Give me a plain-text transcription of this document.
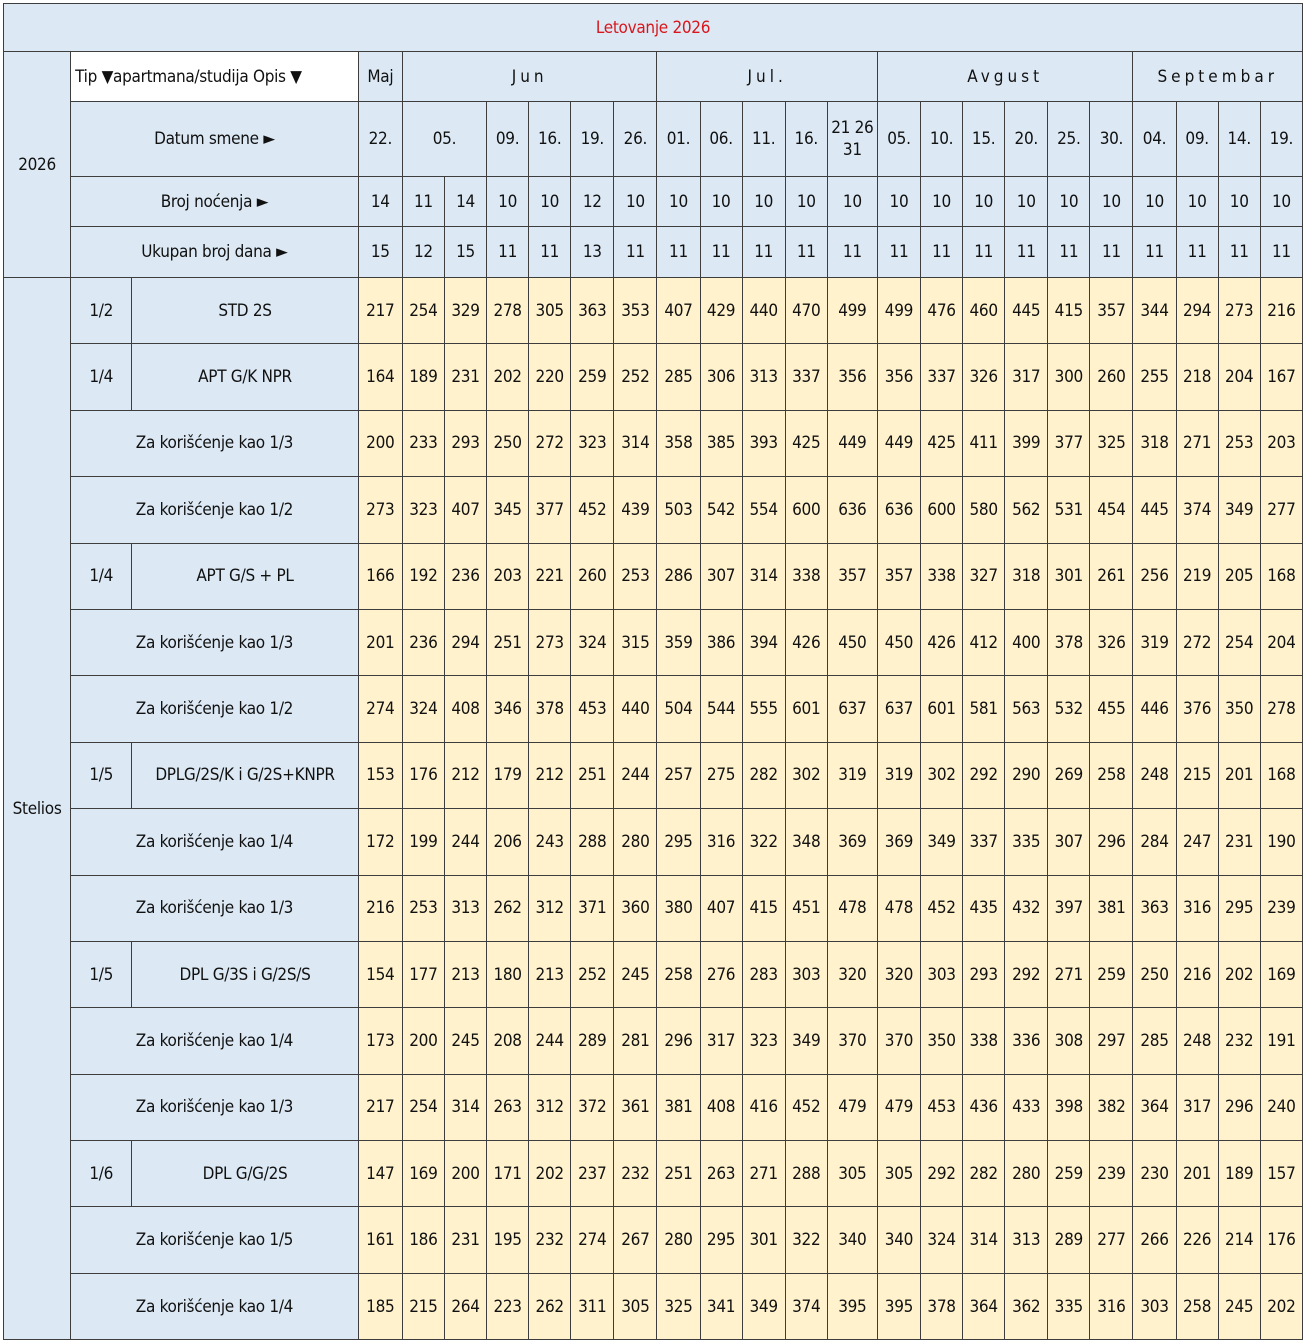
Letovanje 2026																								
2026	Tip ▼apartmana/studija Opis ▼		Maj	Jun						Jul.					Avgust						Septembar			
	Datum smene ►		22.	05.		09.	16.	19.	26.	01.	06.	11.	16.	21 26 31	05.	10.	15.	20.	25.	30.	04.	09.	14.	19.
	Broj noćenja ►		14	11	14	10	10	12	10	10	10	10	10	10	10	10	10	10	10	10	10	10	10	10
	Ukupan broj dana ►		15	12	15	11	11	13	11	11	11	11	11	11	11	11	11	11	11	11	11	11	11	11
Stelios	1/2	STD 2S	217	254	329	278	305	363	353	407	429	440	470	499	499	476	460	445	415	357	344	294	273	216
	1/4	APT G/K NPR	164	189	231	202	220	259	252	285	306	313	337	356	356	337	326	317	300	260	255	218	204	167
	Za korišćenje kao 1/3		200	233	293	250	272	323	314	358	385	393	425	449	449	425	411	399	377	325	318	271	253	203
	Za korišćenje kao 1/2		273	323	407	345	377	452	439	503	542	554	600	636	636	600	580	562	531	454	445	374	349	277
	1/4	APT G/S + PL	166	192	236	203	221	260	253	286	307	314	338	357	357	338	327	318	301	261	256	219	205	168
	Za korišćenje kao 1/3		201	236	294	251	273	324	315	359	386	394	426	450	450	426	412	400	378	326	319	272	254	204
	Za korišćenje kao 1/2		274	324	408	346	378	453	440	504	544	555	601	637	637	601	581	563	532	455	446	376	350	278
	1/5	DPLG/2S/K i G/2S+KNPR	153	176	212	179	212	251	244	257	275	282	302	319	319	302	292	290	269	258	248	215	201	168
	Za korišćenje kao 1/4		172	199	244	206	243	288	280	295	316	322	348	369	369	349	337	335	307	296	284	247	231	190
	Za korišćenje kao 1/3		216	253	313	262	312	371	360	380	407	415	451	478	478	452	435	432	397	381	363	316	295	239
	1/5	DPL G/3S i G/2S/S	154	177	213	180	213	252	245	258	276	283	303	320	320	303	293	292	271	259	250	216	202	169
	Za korišćenje kao 1/4		173	200	245	208	244	289	281	296	317	323	349	370	370	350	338	336	308	297	285	248	232	191
	Za korišćenje kao 1/3		217	254	314	263	312	372	361	381	408	416	452	479	479	453	436	433	398	382	364	317	296	240
	1/6	DPL G/G/2S	147	169	200	171	202	237	232	251	263	271	288	305	305	292	282	280	259	239	230	201	189	157
	Za korišćenje kao 1/5		161	186	231	195	232	274	267	280	295	301	322	340	340	324	314	313	289	277	266	226	214	176
	Za korišćenje kao 1/4		185	215	264	223	262	311	305	325	341	349	374	395	395	378	364	362	335	316	303	258	245	202
